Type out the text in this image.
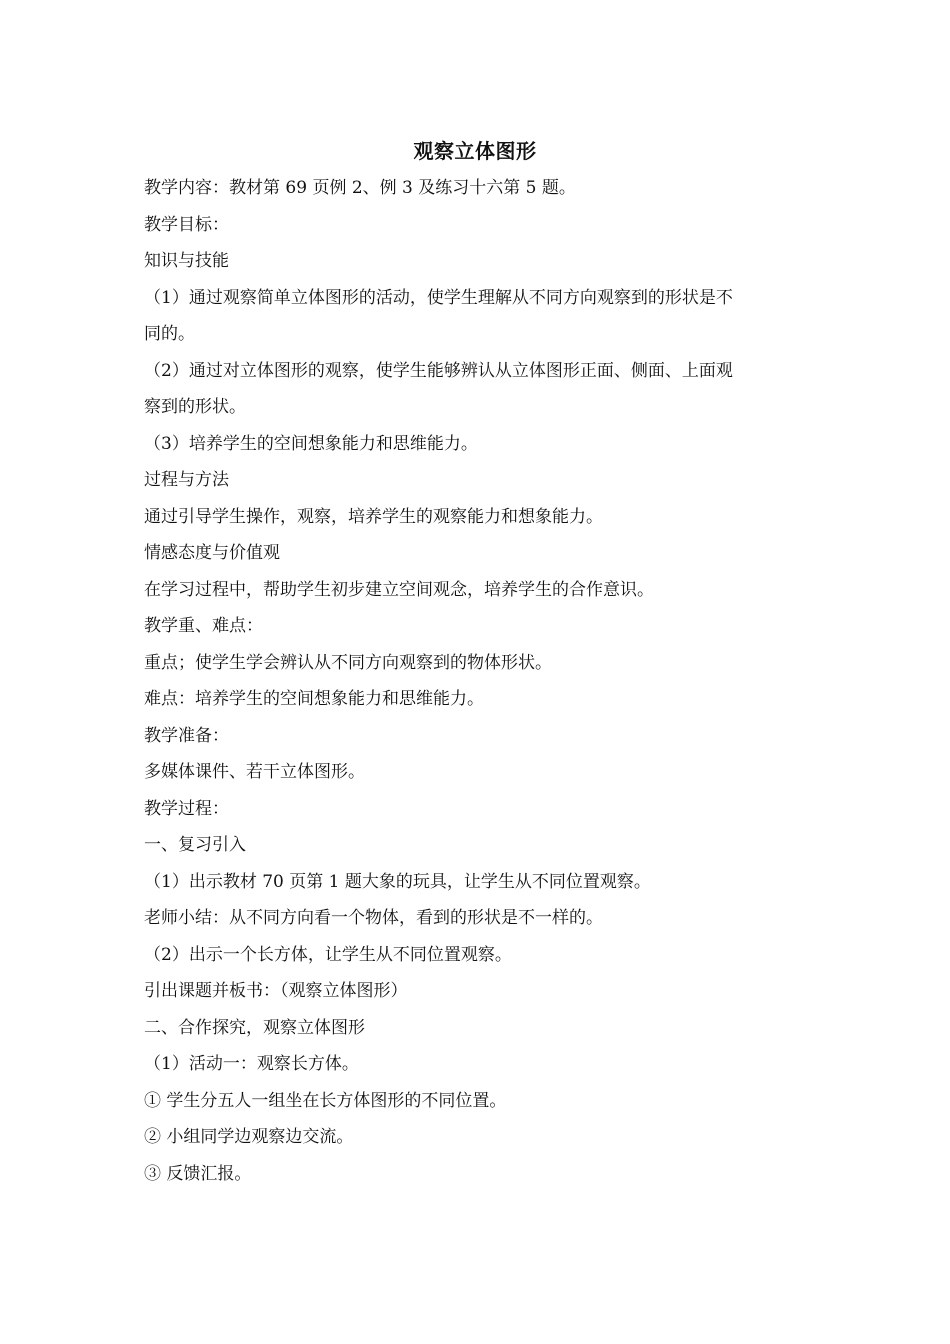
观察立体图形
教学内容：教材第 69 页例 2、例 3 及练习十六第 5 题。
教学目标：
知识与技能
（1）通过观察简单立体图形的活动，使学生理解从不同方向观察到的形状是不
同的。
（2）通过对立体图形的观察，使学生能够辨认从立体图形正面、侧面、上面观
察到的形状。
（3）培养学生的空间想象能力和思维能力。
过程与方法
通过引导学生操作，观察，培养学生的观察能力和想象能力。
情感态度与价值观
在学习过程中，帮助学生初步建立空间观念，培养学生的合作意识。
教学重、难点：
重点；使学生学会辨认从不同方向观察到的物体形状。
难点：培养学生的空间想象能力和思维能力。
教学准备：
多媒体课件、若干立体图形。
教学过程：
一、复习引入
（1）出示教材 70 页第 1 题大象的玩具，让学生从不同位置观察。
老师小结：从不同方向看一个物体，看到的形状是不一样的。
（2）出示一个长方体，让学生从不同位置观察。
引出课题并板书：（观察立体图形）
二、合作探究，观察立体图形
（1）活动一：观察长方体。
① 学生分五人一组坐在长方体图形的不同位置。
② 小组同学边观察边交流。
③ 反馈汇报。
